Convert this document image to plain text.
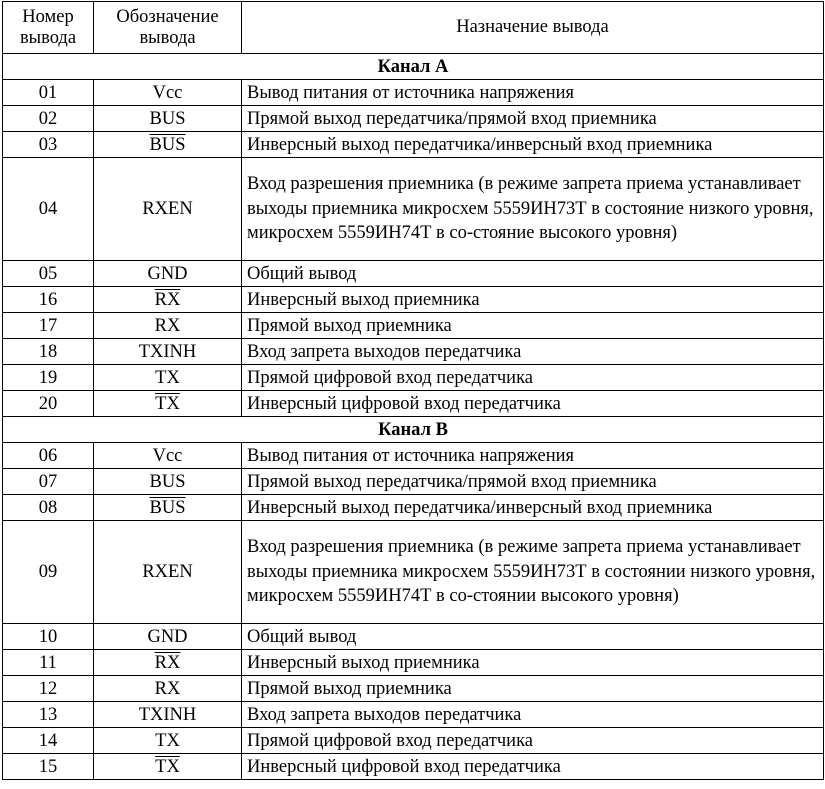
Номер вывода	Обозначение вывода	Назначение вывода
Канал А		
01	Vcc	Вывод питания от источника напряжения
02	BUS	Прямой выход передатчика/прямой вход приемника
03	$\overline{BUS}$	Инверсный выход передатчика/инверсный вход приемника
04	RXEN	Вход разрешения приемника (в режиме запрета приема устанавливает выходы приемника микросхем 5559ИН73Т в состояние низкого уровня, микросхем 5559ИН74Т в со-стояние высокого уровня)
05	GND	Общий вывод
16	$\overline{RX}$	Инверсный выход приемника
17	RX	Прямой выход приемника
18	TXINH	Вход запрета выходов передатчика
19	TX	Прямой цифровой вход передатчика
20	$\overline{TX}$	Инверсный цифровой вход передатчика
Канал В		
06	Vcc	Вывод питания от источника напряжения
07	BUS	Прямой выход передатчика/прямой вход приемника
08	$\overline{BUS}$	Инверсный выход передатчика/инверсный вход приемника
09	RXEN	Вход разрешения приемника (в режиме запрета приема устанавливает выходы приемника микросхем 5559ИН73Т в состоянии низкого уровня, микросхем 5559ИН74Т в со-стоянии высокого уровня)
10	GND	Общий вывод
11	$\overline{RX}$	Инверсный выход приемника
12	RX	Прямой выход приемника
13	TXINH	Вход запрета выходов передатчика
14	TX	Прямой цифровой вход передатчика
15	$\overline{TX}$	Инверсный цифровой вход передатчика
